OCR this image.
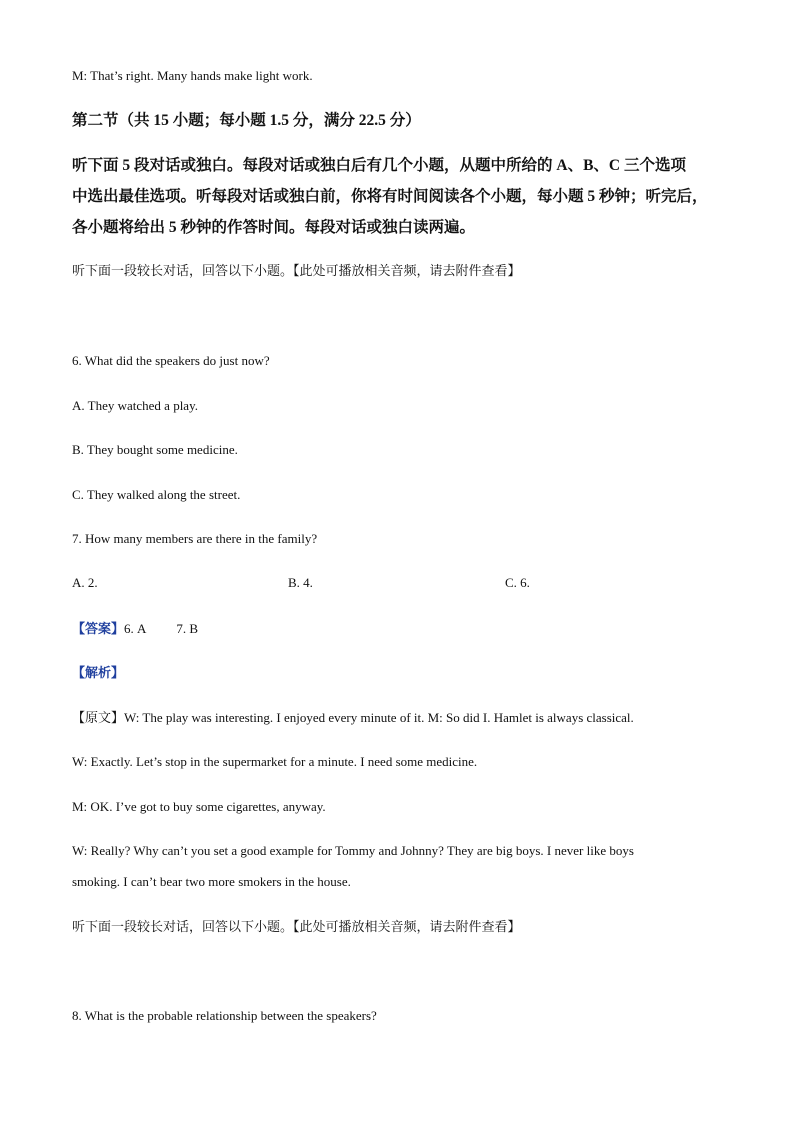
M: That’s right. Many hands make light work.
第二节（共 15 小题；每小题 1.5 分，满分 22.5 分）
听下面 5 段对话或独白。每段对话或独白后有几个小题，从题中所给的 A、B、C 三个选项
中选出最佳选项。听每段对话或独白前，你将有时间阅读各个小题，每小题 5 秒钟；听完后，
各小题将给出 5 秒钟的作答时间。每段对话或独白读两遍。
听下面一段较长对话，回答以下小题。【此处可播放相关音频，请去附件查看】
6. What did the speakers do just now?
A. They watched a play.
B. They bought some medicine.
C. They walked along the street.
7. How many members are there in the family?
A. 2.	B. 4.	C. 6.
【答案】6. A 7. B
【解析】
【原文】W: The play was interesting. I enjoyed every minute of it. M: So did I. Hamlet is always classical.
W: Exactly. Let’s stop in the supermarket for a minute. I need some medicine.
M: OK. I’ve got to buy some cigarettes, anyway.
W: Really? Why can’t you set a good example for Tommy and Johnny? They are big boys. I never like boys
smoking. I can’t bear two more smokers in the house.
听下面一段较长对话，回答以下小题。【此处可播放相关音频，请去附件查看】
8. What is the probable relationship between the speakers?
